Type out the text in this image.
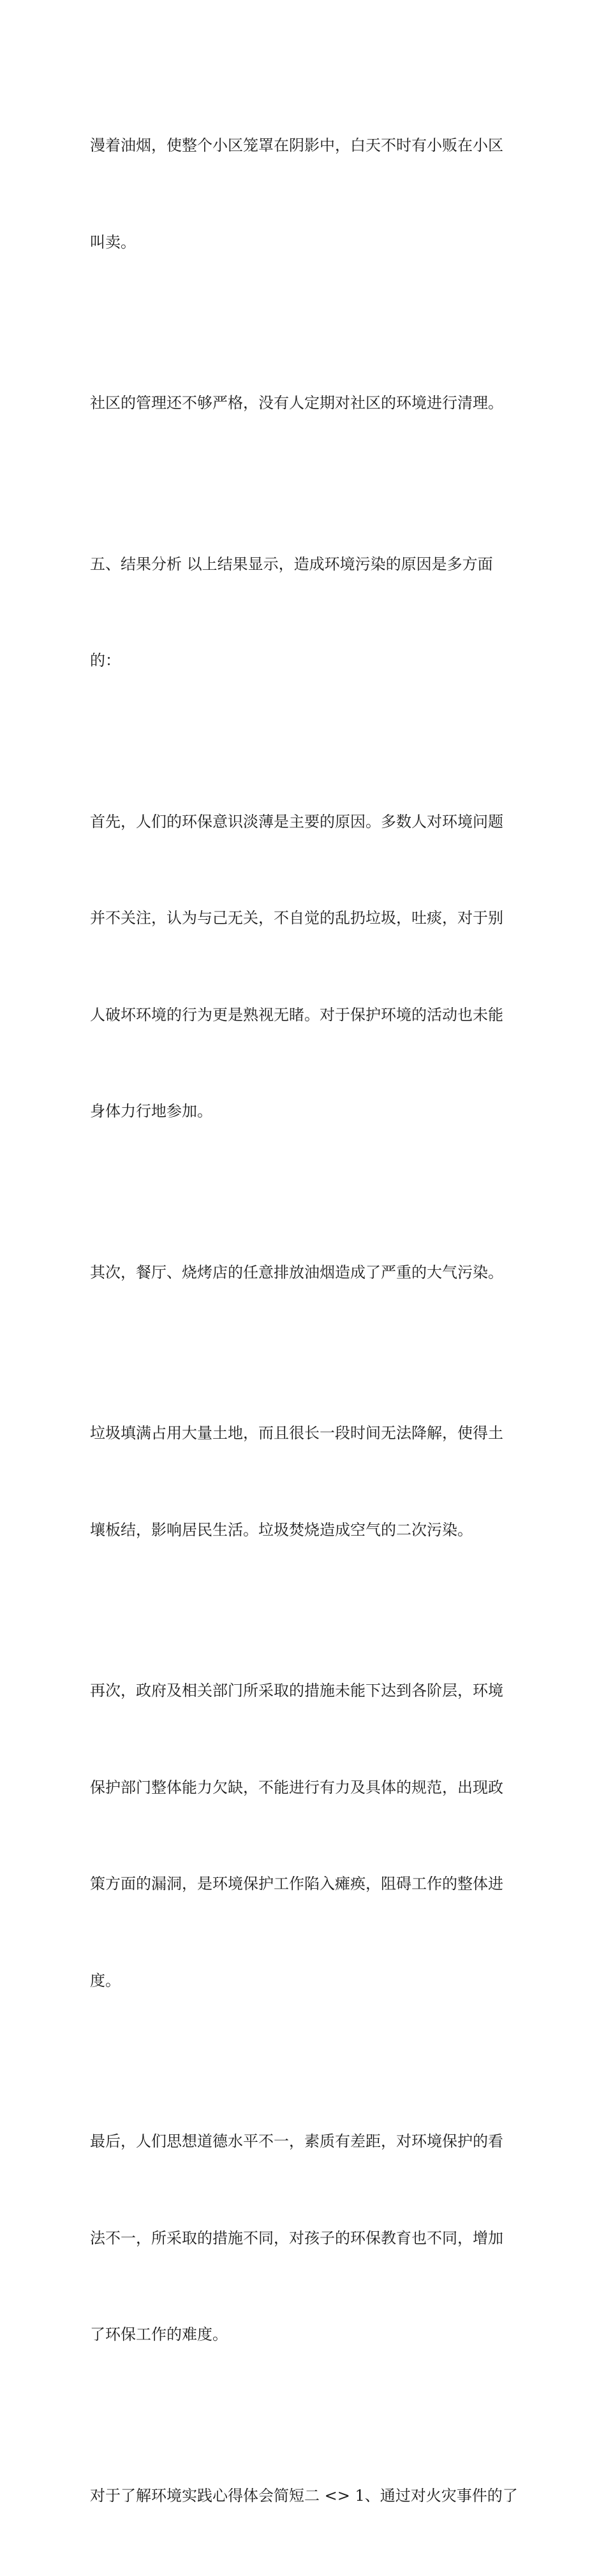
漫着油烟，使整个小区笼罩在阴影中，白天不时有小贩在小区

叫卖。

社区的管理还不够严格，没有人定期对社区的环境进行清理。

五、结果分析 以上结果显示，造成环境污染的原因是多方面

的：

首先，人们的环保意识淡薄是主要的原因。多数人对环境问题

并不关注，认为与己无关，不自觉的乱扔垃圾，吐痰，对于别

人破坏环境的行为更是熟视无睹。对于保护环境的活动也未能

身体力行地参加。

其次，餐厅、烧烤店的任意排放油烟造成了严重的大气污染。

垃圾填满占用大量土地，而且很长一段时间无法降解，使得土

壤板结，影响居民生活。垃圾焚烧造成空气的二次污染。

再次，政府及相关部门所采取的措施未能下达到各阶层，环境

保护部门整体能力欠缺，不能进行有力及具体的规范，出现政

策方面的漏洞，是环境保护工作陷入瘫痪，阻碍工作的整体进

度。

最后，人们思想道德水平不一，素质有差距，对环境保护的看

法不一，所采取的措施不同，对孩子的环保教育也不同，增加

了环保工作的难度。

对于了解环境实践心得体会简短二 <> 1、通过对火灾事件的了
